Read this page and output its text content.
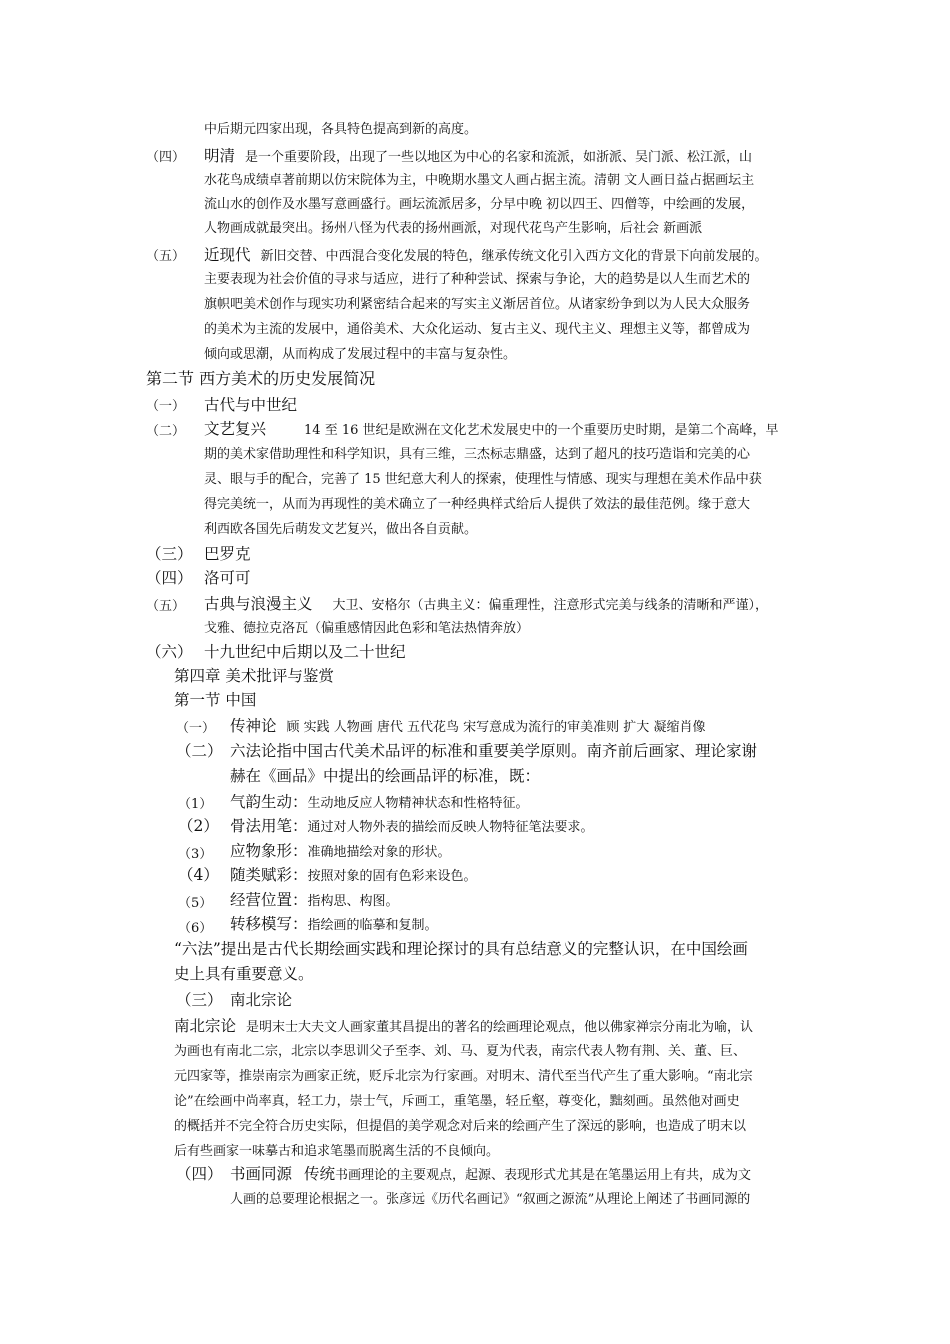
中后期元四家出现，各具特色提高到新的高度。
（四） 明清 是一个重要阶段，出现了一些以地区为中心的名家和流派，如浙派、吴门派、松江派，山
水花鸟成绩卓著前期以仿宋院体为主，中晚期水墨文人画占据主流。清朝 文人画日益占据画坛主
流山水的创作及水墨写意画盛行。画坛流派居多，分早中晚 初以四王、四僧等，中绘画的发展，
人物画成就最突出。扬州八怪为代表的扬州画派，对现代花鸟产生影响，后社会 新画派
（五） 近现代 新旧交替、中西混合变化发展的特色，继承传统文化引入西方文化的背景下向前发展的。
主要表现为社会价值的寻求与适应，进行了种种尝试、探索与争论，大的趋势是以人生而艺术的
旗帜吧美术创作与现实功利紧密结合起来的写实主义渐居首位。从诸家纷争到以为人民大众服务
的美术为主流的发展中，通俗美术、大众化运动、复古主义、现代主义、理想主义等，都曾成为
倾向或思潮，从而构成了发展过程中的丰富与复杂性。
第二节 西方美术的历史发展简况
（一） 古代与中世纪
（二） 文艺复兴	14 至 16 世纪是欧洲在文化艺术发展史中的一个重要历史时期，是第二个高峰，早
期的美术家借助理性和科学知识，具有三维，三杰标志鼎盛，达到了超凡的技巧造诣和完美的心
灵、眼与手的配合，完善了 15 世纪意大利人的探索，使理性与情感、现实与理想在美术作品中获
得完美统一，从而为再现性的美术确立了一种经典样式给后人提供了效法的最佳范例。缘于意大
利西欧各国先后萌发文艺复兴，做出各自贡献。
（三） 巴罗克
（四） 洛可可
（五） 古典与浪漫主义 大卫、安格尔（古典主义：偏重理性，注意形式完美与线条的清晰和严谨），
戈雅、德拉克洛瓦（偏重感情因此色彩和笔法热情奔放）
（六） 十九世纪中后期以及二十世纪
第四章 美术批评与鉴赏
第一节 中国
（一） 传神论 顾 实践 人物画 唐代 五代花鸟 宋写意成为流行的审美准则 扩大 凝缩肖像
（二） 六法论指中国古代美术品评的标准和重要美学原则。南齐前后画家、理论家谢
赫在《画品》中提出的绘画品评的标准，既：
（1） 气韵生动：生动地反应人物精神状态和性格特征。
（2） 骨法用笔：通过对人物外表的描绘而反映人物特征笔法要求。
（3） 应物象形：准确地描绘对象的形状。
（4） 随类赋彩：按照对象的固有色彩来设色。
（5） 经营位置：指构思、构图。
（6） 转移模写：指绘画的临摹和复制。
“六法”提出是古代长期绘画实践和理论探讨的具有总结意义的完整认识，在中国绘画
史上具有重要意义。
（三） 南北宗论
南北宗论 是明末士大夫文人画家董其昌提出的著名的绘画理论观点，他以佛家禅宗分南北为喻，认
为画也有南北二宗，北宗以李思训父子至李、刘、马、夏为代表，南宗代表人物有荆、关、董、巨、
元四家等，推崇南宗为画家正统，贬斥北宗为行家画。对明末、清代至当代产生了重大影响。“南北宗
论”在绘画中尚率真，轻工力，崇士气，斥画工，重笔墨，轻丘壑，尊变化，黜刻画。虽然他对画史
的概括并不完全符合历史实际，但提倡的美学观念对后来的绘画产生了深远的影响，也造成了明末以
后有些画家一味摹古和追求笔墨而脱离生活的不良倾向。
（四） 书画同源 传统书画理论的主要观点，起源、表现形式尤其是在笔墨运用上有共，成为文
人画的总要理论根据之一。张彦远《历代名画记》“叙画之源流”从理论上阐述了书画同源的
